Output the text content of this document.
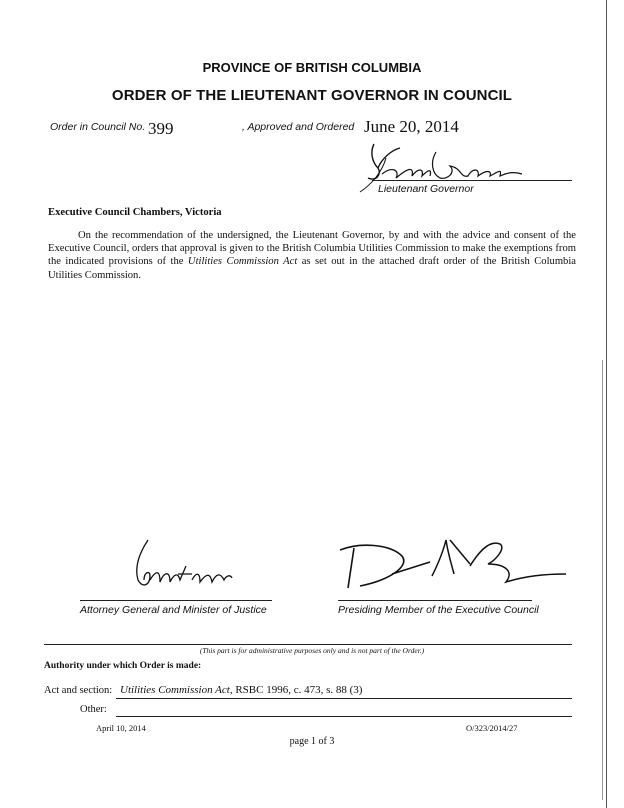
PROVINCE OF BRITISH COLUMBIA
ORDER OF THE LIEUTENANT GOVERNOR IN COUNCIL
Order in Council No. 399	, Approved and Ordered June 20, 2014
Lieutenant Governor
Executive Council Chambers, Victoria
On the recommendation of the undersigned, the Lieutenant Governor, by and with the advice and consent of the Executive Council, orders that approval is given to the British Columbia Utilities Commission to make the exemptions from the indicated provisions of the Utilities Commission Act as set out in the attached draft order of the British Columbia Utilities Commission.
Attorney General and Minister of Justice	Presiding Member of the Executive Council
(This part is for administrative purposes only and is not part of the Order.)
Authority under which Order is made:
Act and section: Utilities Commission Act, RSBC 1996, c. 473, s. 88 (3)
Other:
April 10, 2014	O/323/2014/27
page 1 of 3
